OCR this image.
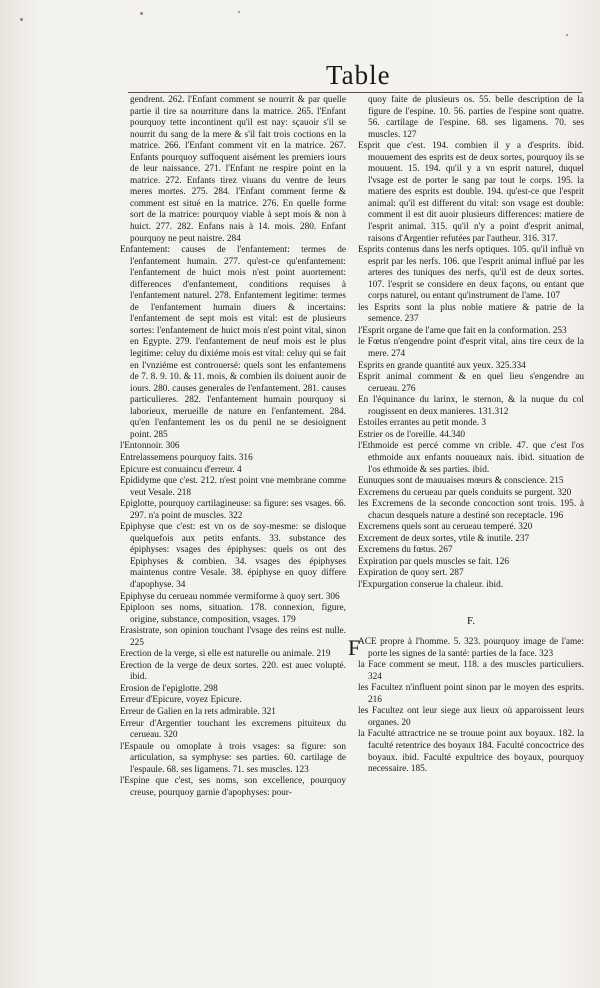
Table

gendrent. 262. l'Enfant comment se nourrit & par quelle partie il tire sa nourriture dans la matrice. 265. l'Enfant pourquoy tette incontinent qu'il est nay: sçauoir s'il se nourrit du sang de la mere & s'il fait trois coctions en la matrice. 266. l'Enfant comment vit en la matrice. 267. Enfants pourquoy suffoquent aisément les premiers iours de leur naissance. 271. l'Enfant ne respire point en la matrice. 272. Enfants tirez viuans du ventre de leurs meres mortes. 275. 284. l'Enfant comment ferme & comment est situé en la matrice. 276. En quelle forme sort de la matrice: pourquoy viable à sept mois & non à huict. 277. 282. Enfans nais à 14. mois. 280. Enfant pourquoy ne peut naistre. 284

Enfantement: causes de l'enfantement: termes de l'enfantement humain. 277. qu'est-ce qu'enfantement: l'enfantement de huict mois n'est point auortement: differences d'enfantement, conditions requises à l'enfantement naturel. 278. Enfantement legitime: termes de l'enfantement humain diuers & incertains: l'enfantement de sept mois est vital: est de plusieurs sortes: l'enfantement de huict mois n'est point vital, sinon en Egypte. 279. l'enfantement de neuf mois est le plus legitime: celuy du dixiéme mois est vital: celuy qui se fait en l'vnziéme est controuersé: quels sont les enfantemens de 7. 8. 9. 10. & 11. mois, & combien ils doiuent auoir de iours. 280. causes generales de l'enfantement. 281. causes particulieres. 282. l'enfantement humain pourquoy si laborieux, merueille de nature en l'enfantement. 284. qu'en l'enfantement les os du penil ne se desioignent point. 285

l'Entonnoir. 306

Entrelassemens pourquoy faits. 316

Epicure est conuaincu d'erreur. 4

Epididyme que c'est. 212. n'est point vne membrane comme veut Vesale. 218

Epiglotte, pourquoy cartilagineuse: sa figure: ses vsages. 66. 297. n'a point de muscles. 322

Epiphyse que c'est: est vn os de soy-mesme: se disloque quelquefois aux petits enfants. 33. substance des épiphyses: vsages des épiphyses: quels os ont des Epiphyses & combien. 34. vsages des épiphyses maintenus contre Vesale. 38. épiphyse en quoy differe d'apophyse. 34

Epiphyse du cerueau nommée vermiforme à quoy sert. 306

Epiploon ses noms, situation. 178. connexion, figure, origine, substance, composition, vsages. 179

Erasistrate, son opinion touchant l'vsage des reins est nulle. 225

Erection de la verge, si elle est naturelle ou animale. 219

Erection de la verge de deux sortes. 220. est auec volupté. ibid.

Erosion de l'epiglotte. 298

Erreur d'Epicure, voyez Epicure.

Erreur de Galien en la rets admirable. 321

Erreur d'Argentier touchant les excremens pituiteux du cerueau. 320

l'Espaule ou omoplate à trois vsages: sa figure: son articulation, sa symphyse: ses parties. 60. cartilage de l'espaule. 68. ses ligamens. 71. ses muscles. 123

l'Espine que c'est, ses noms, son excellence, pourquoy creuse, pourquoy garnie d'apophyses: pour-

quoy faite de plusieurs os. 55. belle description de la figure de l'espine. 10. 56. parties de l'espine sont quatre. 56. cartilage de l'espine. 68. ses ligamens. 70. ses muscles. 127

Esprit que c'est. 194. combien il y a d'esprits. ibid. mouuement des esprits est de deux sortes, pourquoy ils se mouuent. 15. 194. qu'il y a vn esprit naturel, duquel l'vsage est de porter le sang par tout le corps. 195. la matiere des esprits est double. 194. qu'est-ce que l'esprit animal: qu'il est different du vital: son vsage est double: comment il est dit auoir plusieurs differences: matiere de l'esprit animal. 315. qu'il n'y a point d'esprit animal, raisons d'Argentier refutées par l'autheur. 316. 317.

Esprits contenus dans les nerfs optiques. 105. qu'il influë vn esprit par les nerfs. 106. que l'esprit animal influë par les arteres des tuniques des nerfs, qu'il est de deux sortes. 107. l'esprit se considere en deux façons, ou entant que corps naturel, ou entant qu'instrument de l'ame. 107

les Esprits sont la plus noble matiere & patrie de la semence. 237

l'Esprit organe de l'ame que fait en la conformation. 253

le Fœtus n'engendre point d'esprit vital, ains tire ceux de la mere. 274

Esprits en grande quantité aux yeux. 325.334

Esprit animal comment & en quel lieu s'engendre au cerueau. 276

En l'équinance du larinx, le sternon, & la nuque du col rougissent en deux manieres. 131.312

Estoiles errantes au petit monde. 3

Estrier os de l'oreille. 44.340

l'Ethmoide est percé comme vn crible. 47. que c'est l'os ethmoide aux enfants nouueaux nais. ibid. situation de l'os ethmoide & ses parties. ibid.

Eunuques sont de mauuaises mœurs & conscience. 215

Excremens du cerueau par quels conduits se purgent. 320

les Excremens de la seconde concoction sont trois. 195. à chacun desquels nature a destiné son receptacle. 196

Excremens quels sont au cerueau temperé. 320

Excrement de deux sortes, vtile & inutile. 237

Excremens du fœtus. 267

Expiration par quels muscles se fait. 126

Expiration de quoy sert. 287

l'Expurgation conserue la chaleur. ibid.

F.

FACE propre à l'homme. 5. 323. pourquoy image de l'ame: porte les signes de la santé: parties de la face. 323

la Face comment se meut. 118. a des muscles particuliers. 324

les Facultez n'influent point sinon par le moyen des esprits. 216

les Facultez ont leur siege aux lieux où apparoissent leurs organes. 20

la Faculté attractrice ne se trouue point aux boyaux. 182. la faculté retentrice des boyaux 184. Faculté concoctrice des boyaux. ibid. Faculté expultrice des boyaux, pourquoy necessaire. 185.
